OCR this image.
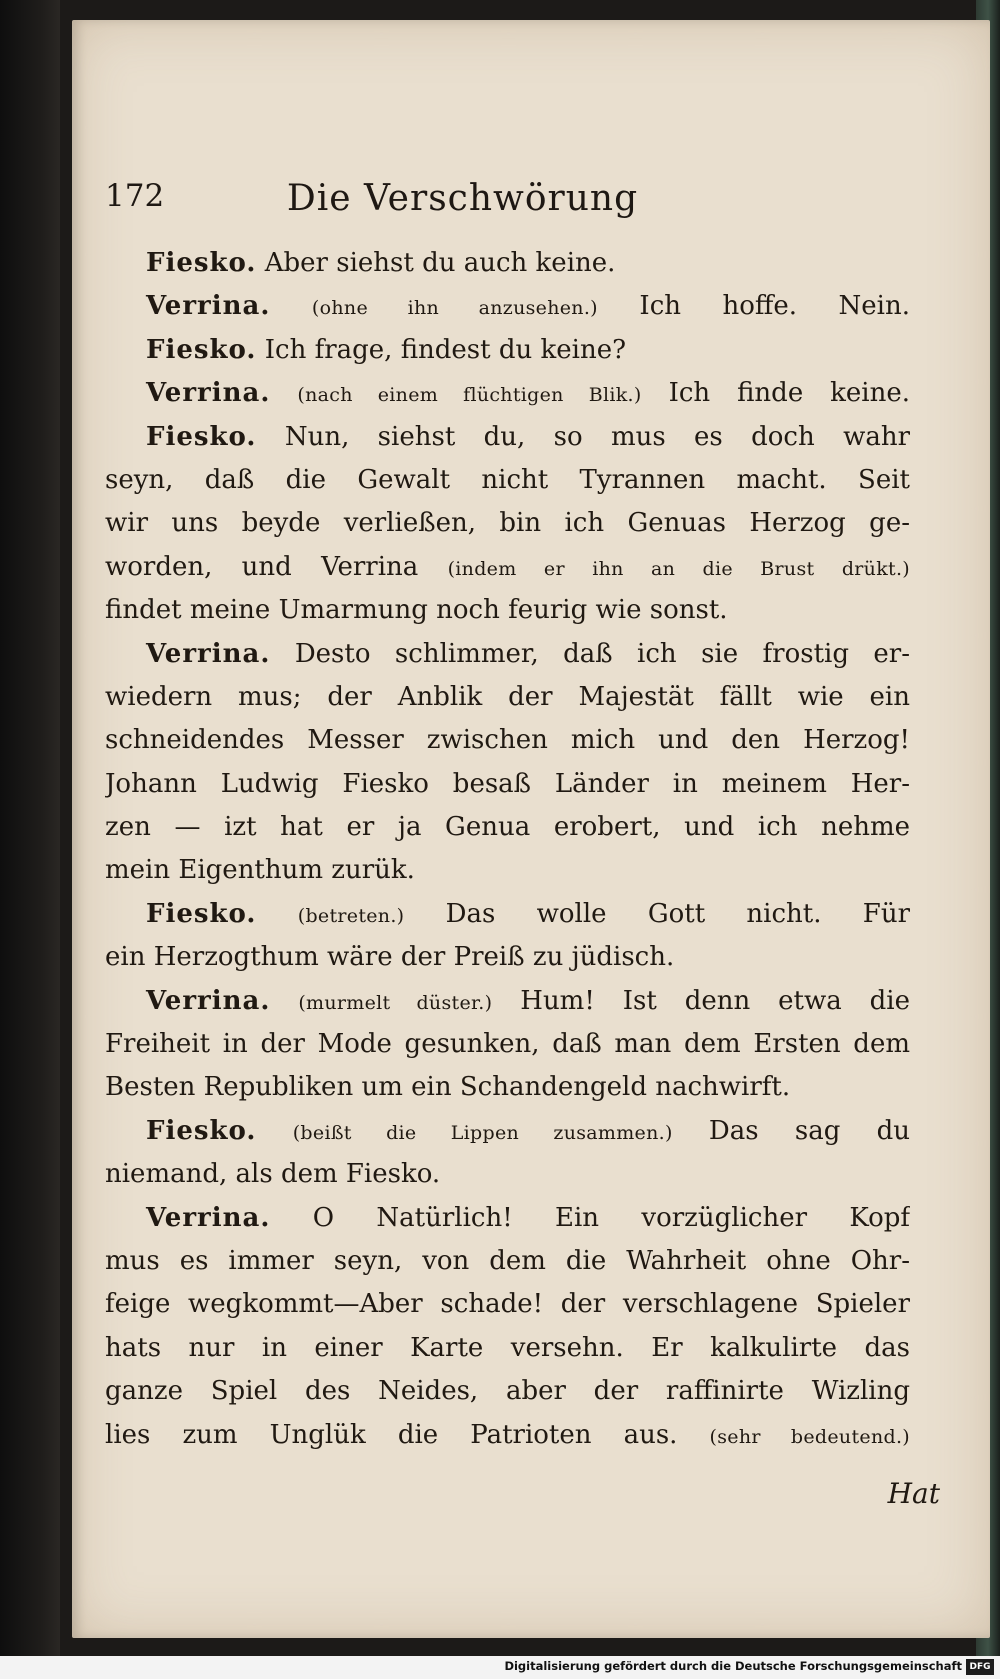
172	Die Verschwörung
Fiesko. Aber siehst du auch keine.
Verrina. (ohne ihn anzusehen.) Ich hoffe. Nein.
Fiesko. Ich frage, findest du keine?
Verrina. (nach einem flüchtigen Blik.) Ich finde keine.
Fiesko. Nun, siehst du, so mus es doch wahr
seyn, daß die Gewalt nicht Tyrannen macht. Seit
wir uns beyde verließen, bin ich Genuas Herzog ge-
worden, und Verrina (indem er ihn an die Brust drükt.)
findet meine Umarmung noch feurig wie sonst.
Verrina. Desto schlimmer, daß ich sie frostig er-
wiedern mus; der Anblik der Majestät fällt wie ein
schneidendes Messer zwischen mich und den Herzog!
Johann Ludwig Fiesko besaß Länder in meinem Her-
zen — izt hat er ja Genua erobert, und ich nehme
mein Eigenthum zurük.
Fiesko. (betreten.) Das wolle Gott nicht. Für
ein Herzogthum wäre der Preiß zu jüdisch.
Verrina. (murmelt düster.) Hum! Ist denn etwa die
Freiheit in der Mode gesunken, daß man dem Ersten dem
Besten Republiken um ein Schandengeld nachwirft.
Fiesko. (beißt die Lippen zusammen.) Das sag du
niemand, als dem Fiesko.
Verrina. O Natürlich! Ein vorzüglicher Kopf
mus es immer seyn, von dem die Wahrheit ohne Ohr-
feige wegkommt—Aber schade! der verschlagene Spieler
hats nur in einer Karte versehn. Er kalkulirte das
ganze Spiel des Neides, aber der raffinirte Wizling
lies zum Unglük die Patrioten aus. (sehr bedeutend.)
Hat
Digitalisierung gefördert durch die Deutsche Forschungsgemeinschaft DFG
